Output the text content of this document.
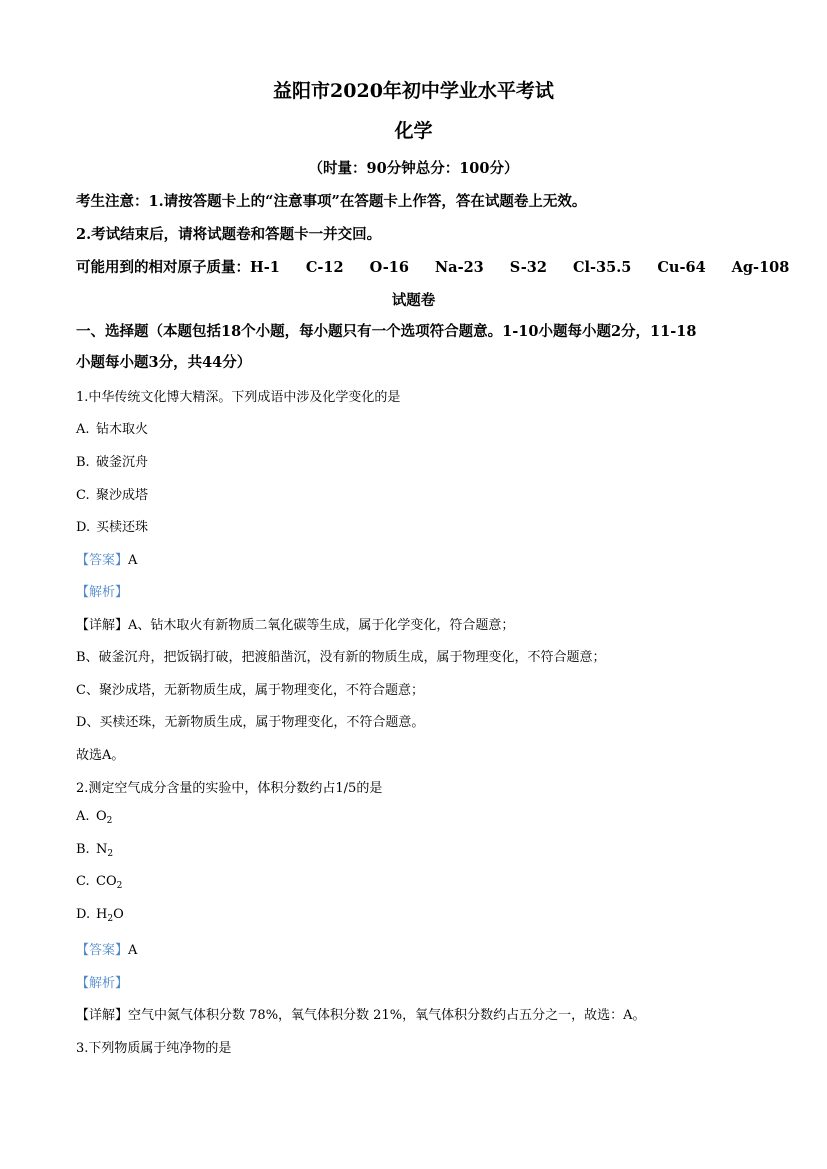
益阳市2020年初中学业水平考试
化学
（时量：90分钟总分：100分）
考生注意：1.请按答题卡上的“注意事项”在答题卡上作答，答在试题卷上无效。
2.考试结束后，请将试题卷和答题卡一并交回。
可能用到的相对原子质量：H-1 C-12 O-16 Na-23 S-32 Cl-35.5 Cu-64 Ag-108
试题卷
一、选择题（本题包括18个小题，每小题只有一个选项符合题意。1-10小题每小题2分，11-18
小题每小题3分，共44分）
1.中华传统文化博大精深。下列成语中涉及化学变化的是
A. 钻木取火
B. 破釜沉舟
C. 聚沙成塔
D. 买椟还珠
【答案】A
【解析】
【详解】A、钻木取火有新物质二氧化碳等生成，属于化学变化，符合题意；
B、破釜沉舟，把饭锅打破，把渡船凿沉，没有新的物质生成，属于物理变化，不符合题意；
C、聚沙成塔，无新物质生成，属于物理变化，不符合题意；
D、买椟还珠，无新物质生成，属于物理变化，不符合题意。
故选A。
2.测定空气成分含量的实验中，体积分数约占1/5的是
A. $O_2$
B. $N_2$
C. $CO_2$
D. $H_2O$
【答案】A
【解析】
【详解】空气中氮气体积分数 78%，氧气体积分数 21%，氧气体积分数约占五分之一，故选：A。
3.下列物质属于纯净物的是
